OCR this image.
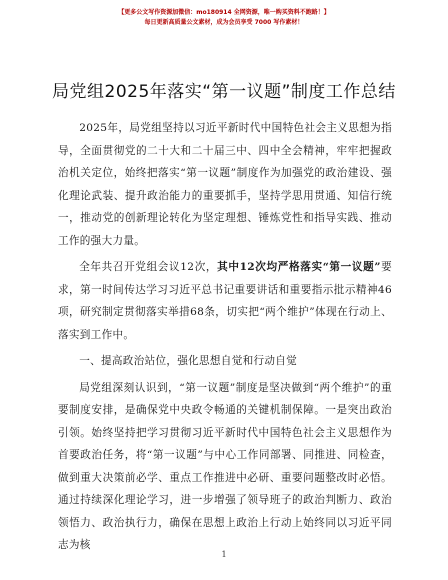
【更多公文写作资源加微信：mo180914 全网资源，唯一购买资料不跑路！】
每日更新高质量公文素材，成为会员享受 7000 写作素材！
局党组2025年落实“第一议题”制度工作总结

2025年，局党组坚持以习近平新时代中国特色社会主义思想为指导，全面贯彻党的二十大和二十届三中、四中全会精神，牢牢把握政治机关定位，始终把落实“第一议题”制度作为加强党的政治建设、强化理论武装、提升政治能力的重要抓手，坚持学思用贯通、知信行统一，推动党的创新理论转化为坚定理想、锤炼党性和指导实践、推动工作的强大力量。

全年共召开党组会议12次，其中12次均严格落实“第一议题”要求，第一时间传达学习习近平总书记重要讲话和重要指示批示精神46项，研究制定贯彻落实举措68条，切实把“两个维护”体现在行动上、落实到工作中。

一、提高政治站位，强化思想自觉和行动自觉

局党组深刻认识到，“第一议题”制度是坚决做到“两个维护”的重要制度安排，是确保党中央政令畅通的关键机制保障。一是突出政治引领。始终坚持把学习贯彻习近平新时代中国特色社会主义思想作为首要政治任务，将“第一议题”与中心工作同部署、同推进、同检查，做到重大决策前必学、重点工作推进中必研、重要问题整改时必悟。通过持续深化理论学习，进一步增强了领导班子的政治判断力、政治领悟力、政治执行力，确保在思想上政治上行动上始终同以习近平同志为核

1
